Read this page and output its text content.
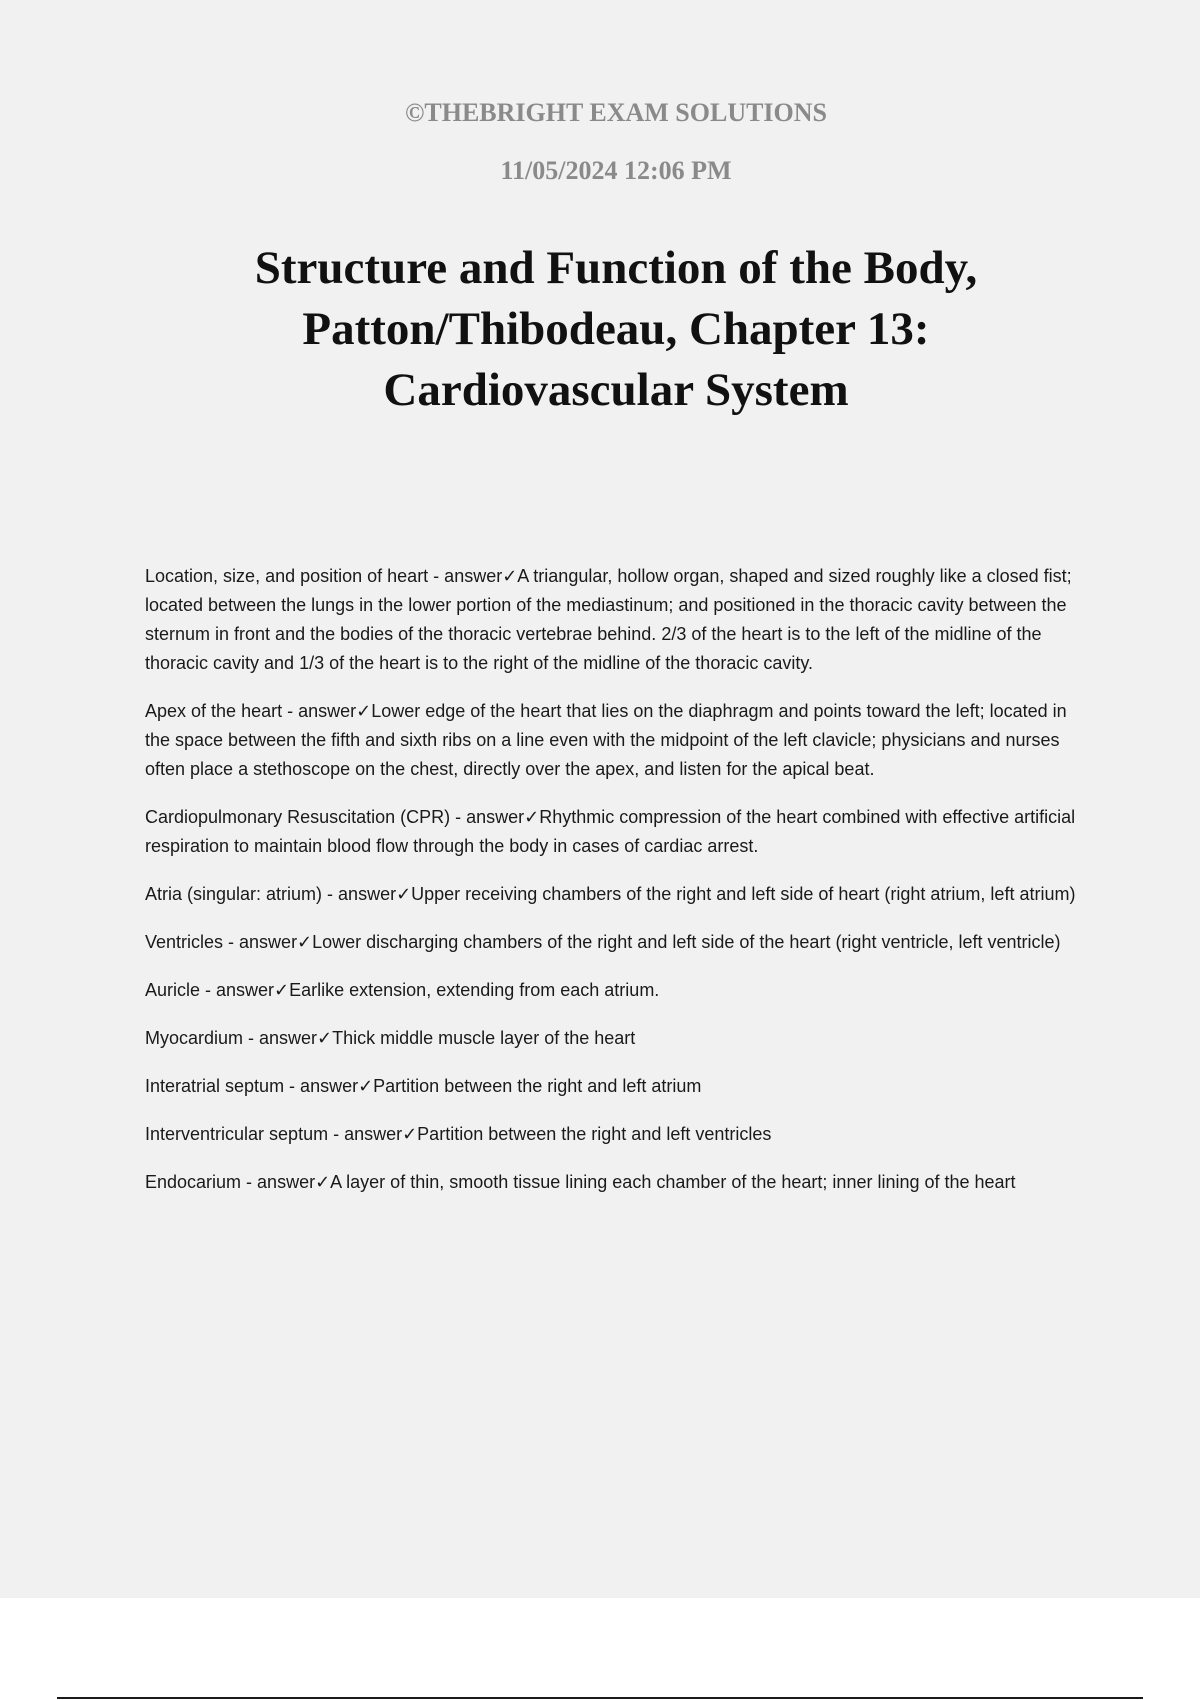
©THEBRIGHT EXAM SOLUTIONS
11/05/2024 12:06 PM
Structure and Function of the Body,
Patton/Thibodeau, Chapter 13:
Cardiovascular System

Location, size, and position of heart - answer✓A triangular, hollow organ, shaped and sized roughly like a closed fist; located between the lungs in the lower portion of the mediastinum; and positioned in the thoracic cavity between the sternum in front and the bodies of the thoracic vertebrae behind. 2/3 of the heart is to the left of the midline of the thoracic cavity and 1/3 of the heart is to the right of the midline of the thoracic cavity.

Apex of the heart - answer✓Lower edge of the heart that lies on the diaphragm and points toward the left; located in the space between the fifth and sixth ribs on a line even with the midpoint of the left clavicle; physicians and nurses often place a stethoscope on the chest, directly over the apex, and listen for the apical beat.

Cardiopulmonary Resuscitation (CPR) - answer✓Rhythmic compression of the heart combined with effective artificial respiration to maintain blood flow through the body in cases of cardiac arrest.

Atria (singular: atrium) - answer✓Upper receiving chambers of the right and left side of heart (right atrium, left atrium)

Ventricles - answer✓Lower discharging chambers of the right and left side of the heart (right ventricle, left ventricle)

Auricle - answer✓Earlike extension, extending from each atrium.

Myocardium - answer✓Thick middle muscle layer of the heart

Interatrial septum - answer✓Partition between the right and left atrium

Interventricular septum - answer✓Partition between the right and left ventricles

Endocarium - answer✓A layer of thin, smooth tissue lining each chamber of the heart; inner lining of the heart
